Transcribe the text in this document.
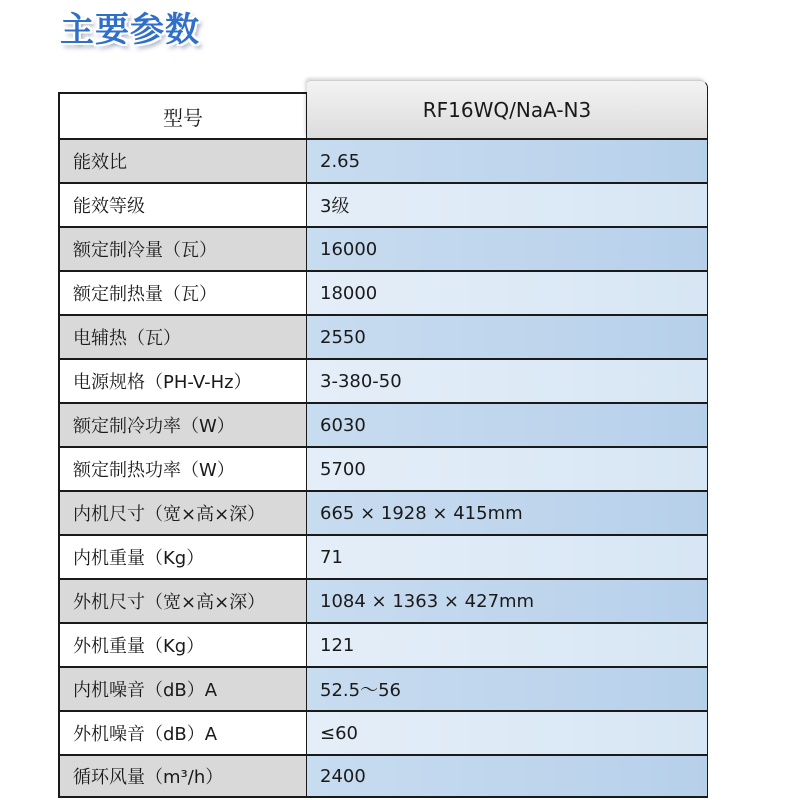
主要参数
型号	RF16WQ/NaA-N3
能效比	2.65
能效等级	3级
额定制冷量（瓦）	16000
额定制热量（瓦）	18000
电辅热（瓦）	2550
电源规格（PH-V-Hz）	3-380-50
额定制冷功率（W）	6030
额定制热功率（W）	5700
内机尺寸（宽×高×深）	665 × 1928 × 415mm
内机重量（Kg）	71
外机尺寸（宽×高×深）	1084 × 1363 × 427mm
外机重量（Kg）	121
内机噪音（dB）A	52.5～56
外机噪音（dB）A	≤60
循环风量（m³/h）	2400
